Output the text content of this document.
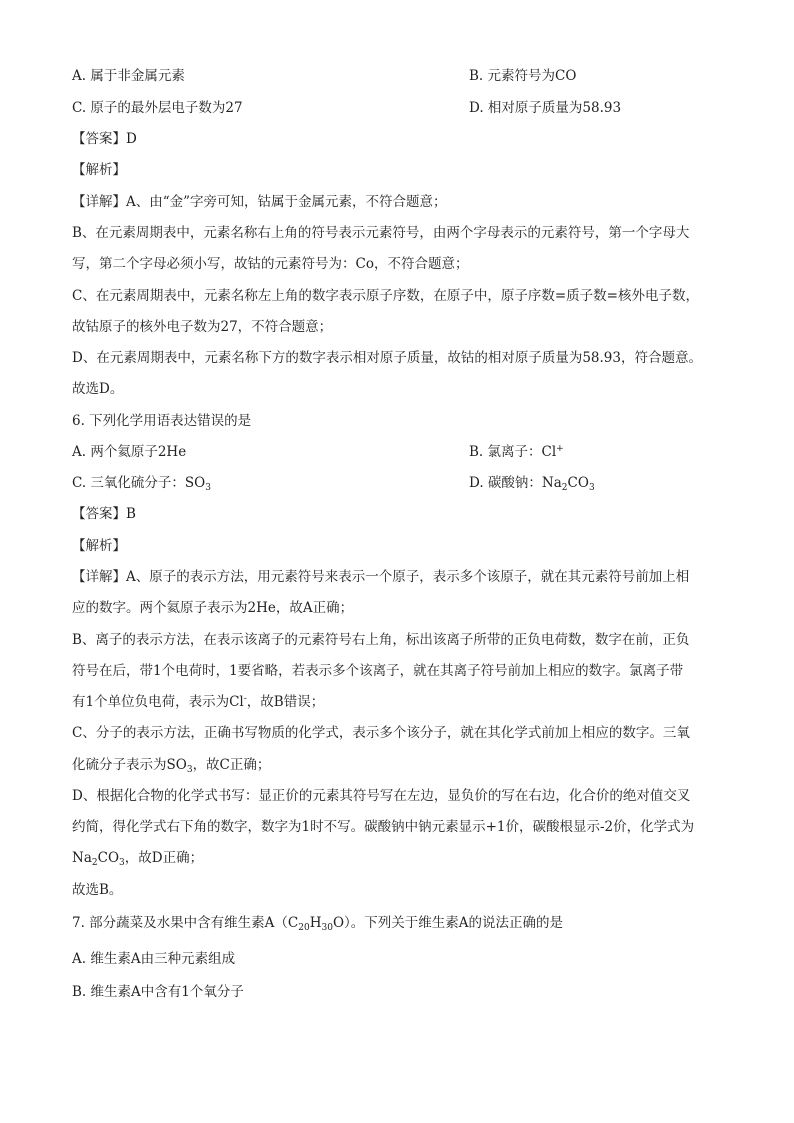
A. 属于非金属元素	B. 元素符号为CO
C. 原子的最外层电子数为27	D. 相对原子质量为58.93
【答案】D
【解析】
【详解】A、由“金”字旁可知，钴属于金属元素，不符合题意；
B、在元素周期表中，元素名称右上角的符号表示元素符号，由两个字母表示的元素符号，第一个字母大
写，第二个字母必须小写，故钴的元素符号为：Co，不符合题意；
C、在元素周期表中，元素名称左上角的数字表示原子序数，在原子中，原子序数=质子数=核外电子数，
故钴原子的核外电子数为27，不符合题意；
D、在元素周期表中，元素名称下方的数字表示相对原子质量，故钴的相对原子质量为58.93，符合题意。
故选D。
6. 下列化学用语表达错误的是
A. 两个氦原子2He	B. 氯离子：Cl+
C. 三氧化硫分子：$SO_3$	D. 碳酸钠：$Na_2CO_3$
【答案】B
【解析】
【详解】A、原子的表示方法，用元素符号来表示一个原子，表示多个该原子，就在其元素符号前加上相
应的数字。两个氦原子表示为2He，故A正确；
B、离子的表示方法，在表示该离子的元素符号右上角，标出该离子所带的正负电荷数，数字在前，正负
符号在后，带1个电荷时，1要省略，若表示多个该离子，就在其离子符号前加上相应的数字。氯离子带
有1个单位负电荷，表示为Cl-，故B错误；
C、分子的表示方法，正确书写物质的化学式，表示多个该分子，就在其化学式前加上相应的数字。三氧
化硫分子表示为$SO_3$，故C正确；
D、根据化合物的化学式书写：显正价的元素其符号写在左边，显负价的写在右边，化合价的绝对值交叉
约简，得化学式右下角的数字，数字为1时不写。碳酸钠中钠元素显示+1价，碳酸根显示-2价，化学式为
$Na_2CO_3$，故D正确；
故选B。
7. 部分蔬菜及水果中含有维生素$A(C_{20}H_{30}O)$。下列关于维生素A的说法正确的是
A. 维生素A由三种元素组成
B. 维生素A中含有1个氧分子
